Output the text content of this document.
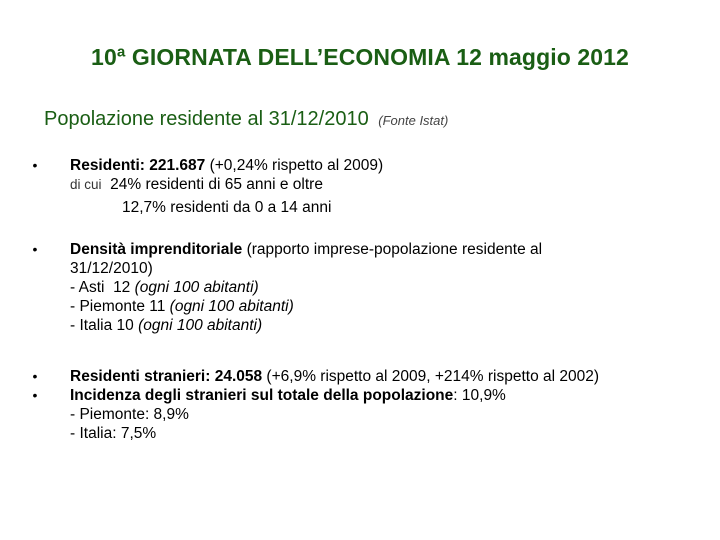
10ª GIORNATA DELL’ECONOMIA 12 maggio 2012
Popolazione residente al 31/12/2010 (Fonte Istat)
• Residenti: 221.687 (+0,24% rispetto al 2009)
di cui  24% residenti di 65 anni e oltre
12,7% residenti da 0 a 14 anni
• Densità imprenditoriale (rapporto imprese-popolazione residente al
31/12/2010)
- Asti  12 (ogni 100 abitanti)
- Piemonte 11 (ogni 100 abitanti)
- Italia 10 (ogni 100 abitanti)
• Residenti stranieri: 24.058 (+6,9% rispetto al 2009, +214% rispetto al 2002)
• Incidenza degli stranieri sul totale della popolazione: 10,9%
- Piemonte: 8,9%
- Italia: 7,5%
